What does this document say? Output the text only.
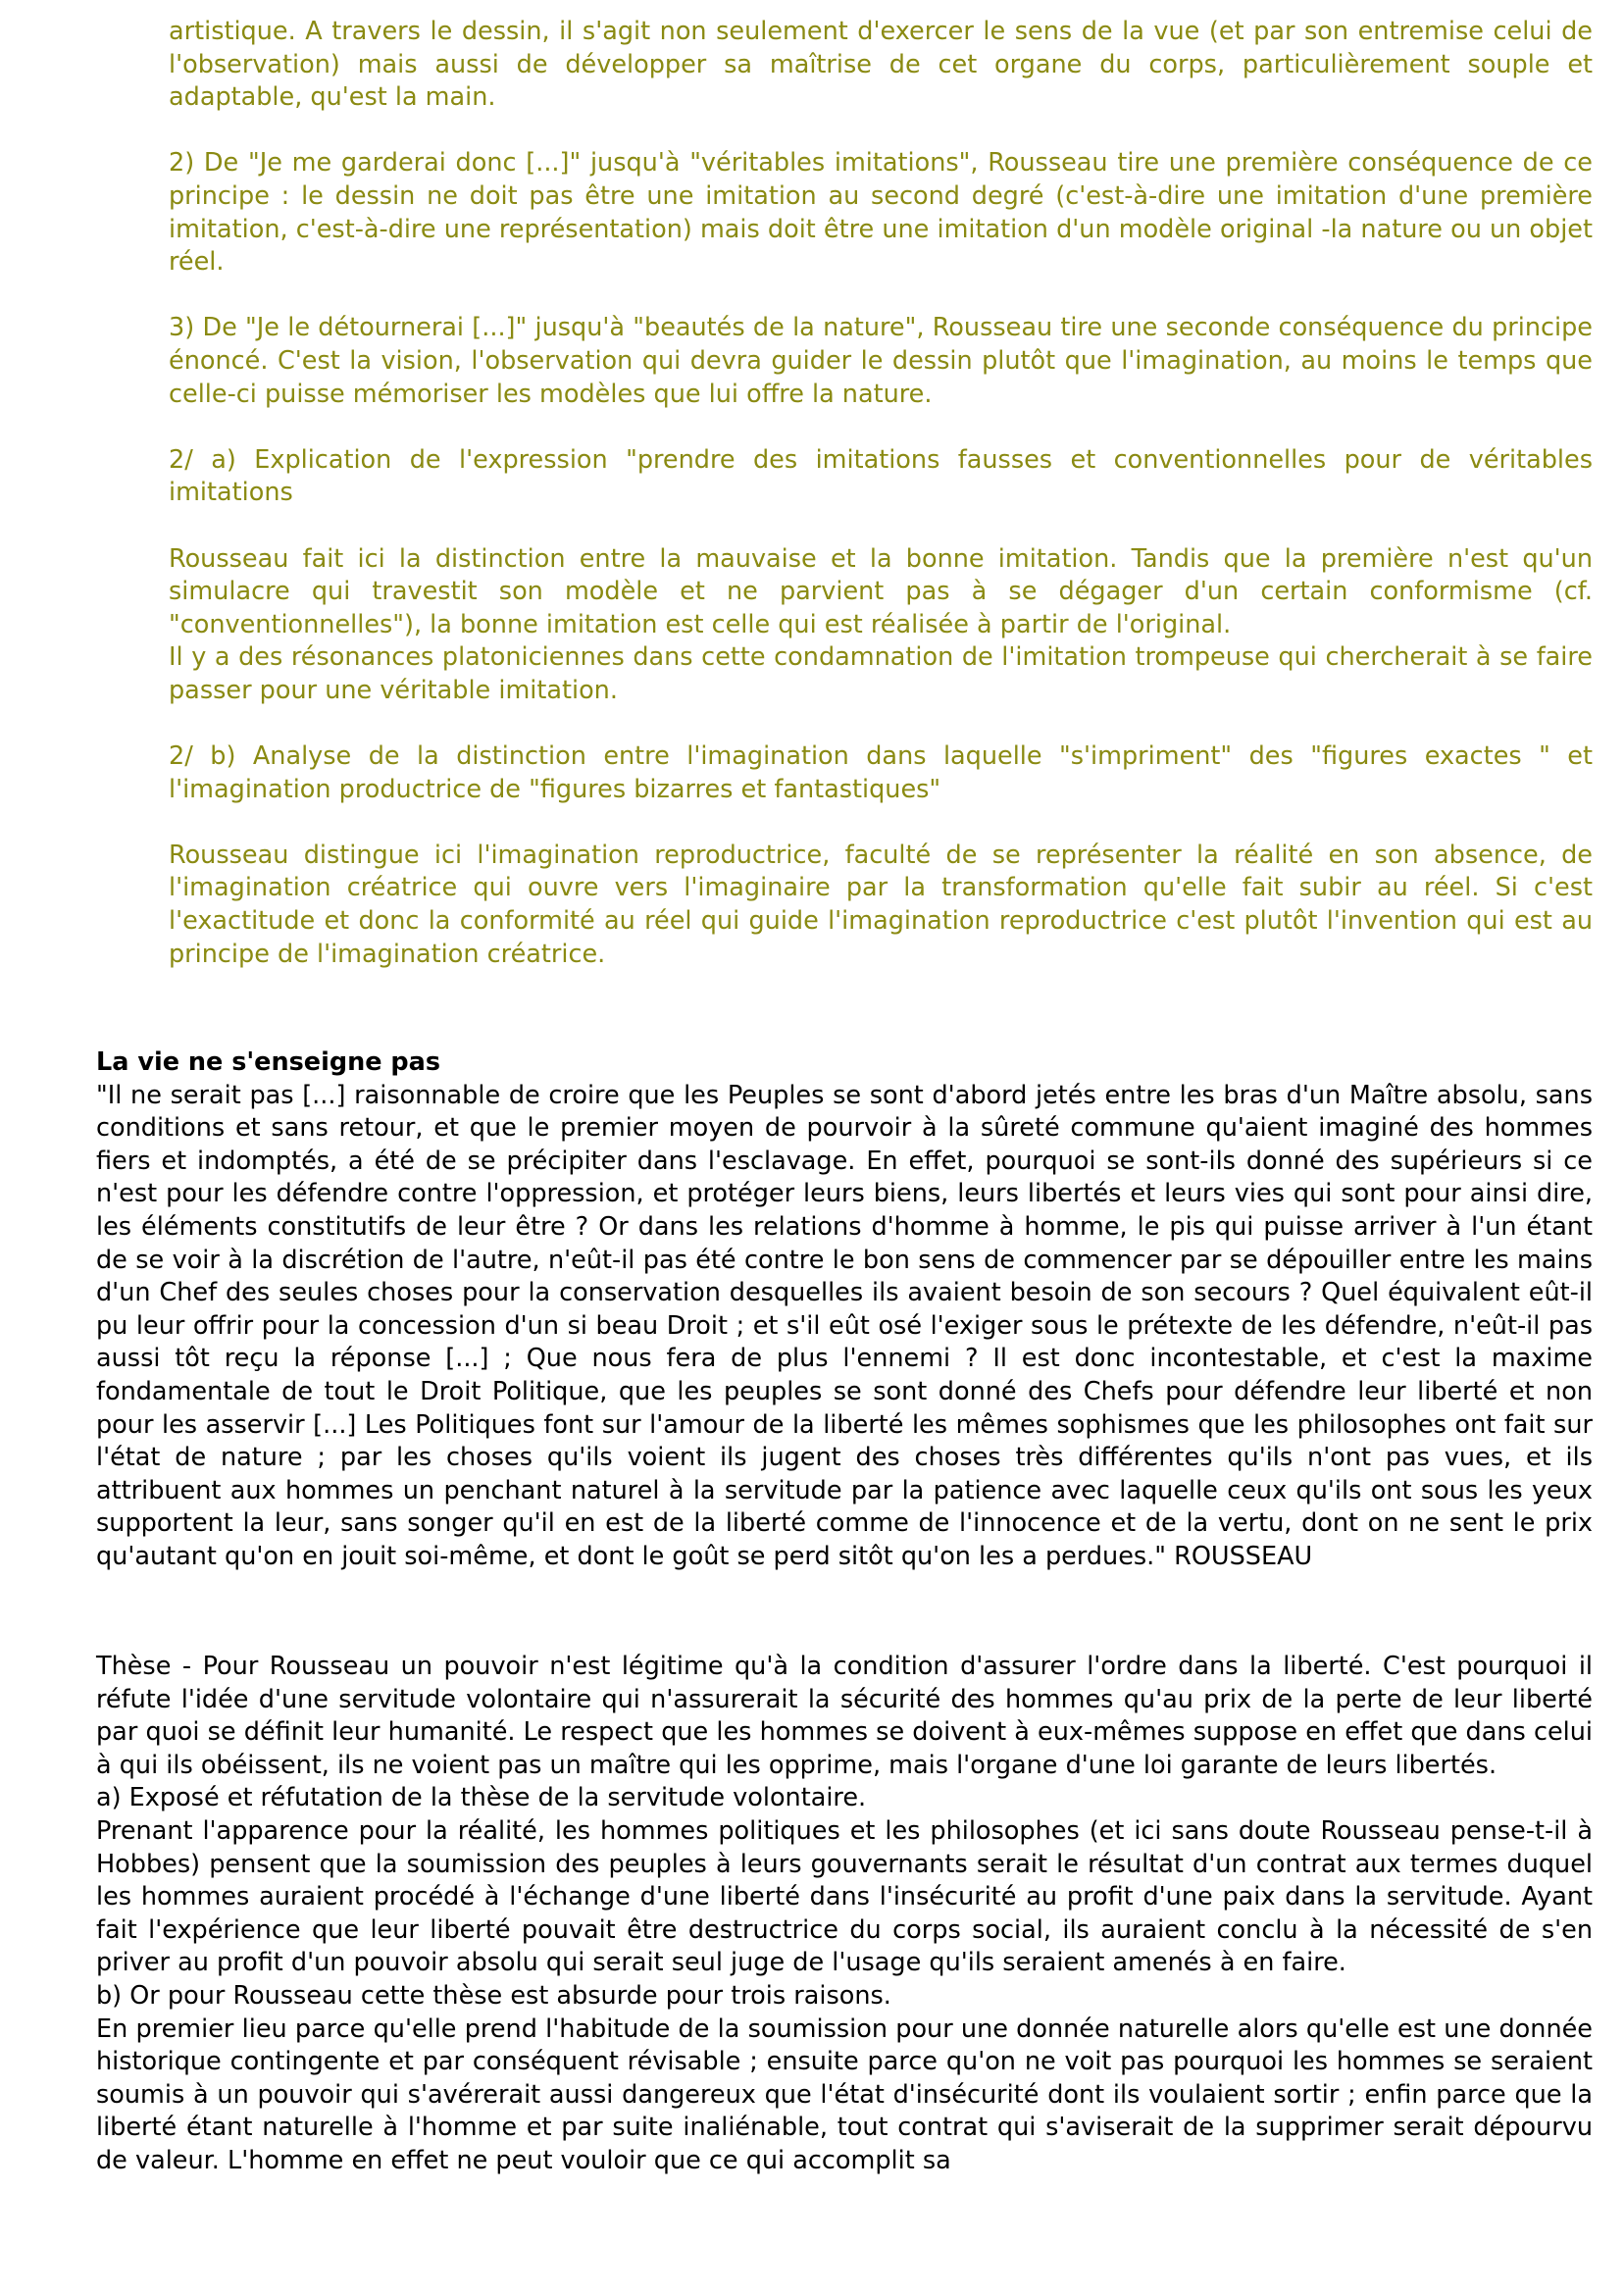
artistique. A travers le dessin, il s'agit non seulement d'exercer le sens de la vue (et par son entremise celui de l'observation) mais aussi de développer sa maîtrise de cet organe du corps, particulièrement souple et adaptable, qu'est la main.

2) De "Je me garderai donc [...]" jusqu'à "véritables imitations", Rousseau tire une première conséquence de ce principe : le dessin ne doit pas être une imitation au second degré (c'est-à-dire une imitation d'une première imitation, c'est-à-dire une représentation) mais doit être une imitation d'un modèle original -la nature ou un objet réel.

3) De "Je le détournerai [...]" jusqu'à "beautés de la nature", Rousseau tire une seconde conséquence du principe énoncé. C'est la vision, l'observation qui devra guider le dessin plutôt que l'imagination, au moins le temps que celle-ci puisse mémoriser les modèles que lui offre la nature.

2/ a) Explication de l'expression "prendre des imitations fausses et conventionnelles pour de véritables imitations

Rousseau fait ici la distinction entre la mauvaise et la bonne imitation. Tandis que la première n'est qu'un simulacre qui travestit son modèle et ne parvient pas à se dégager d'un certain conformisme (cf. "conventionnelles"), la bonne imitation est celle qui est réalisée à partir de l'original.

Il y a des résonances platoniciennes dans cette condamnation de l'imitation trompeuse qui chercherait à se faire passer pour une véritable imitation.

2/ b) Analyse de la distinction entre l'imagination dans laquelle "s'impriment" des "figures exactes " et l'imagination productrice de "figures bizarres et fantastiques"

Rousseau distingue ici l'imagination reproductrice, faculté de se représenter la réalité en son absence, de l'imagination créatrice qui ouvre vers l'imaginaire par la transformation qu'elle fait subir au réel. Si c'est l'exactitude et donc la conformité au réel qui guide l'imagination reproductrice c'est plutôt l'invention qui est au principe de l'imagination créatrice.

La vie ne s'enseigne pas

"Il ne serait pas [...] raisonnable de croire que les Peuples se sont d'abord jetés entre les bras d'un Maître absolu, sans conditions et sans retour, et que le premier moyen de pourvoir à la sûreté commune qu'aient imaginé des hommes fiers et indomptés, a été de se précipiter dans l'esclavage. En effet, pourquoi se sont-ils donné des supérieurs si ce n'est pour les défendre contre l'oppression, et protéger leurs biens, leurs libertés et leurs vies qui sont pour ainsi dire, les éléments constitutifs de leur être ? Or dans les relations d'homme à homme, le pis qui puisse arriver à l'un étant de se voir à la discrétion de l'autre, n'eût-il pas été contre le bon sens de commencer par se dépouiller entre les mains d'un Chef des seules choses pour la conservation desquelles ils avaient besoin de son secours ? Quel équivalent eût-il pu leur offrir pour la concession d'un si beau Droit ; et s'il eût osé l'exiger sous le prétexte de les défendre, n'eût-il pas aussi tôt reçu la réponse [...] ; Que nous fera de plus l'ennemi ? Il est donc incontestable, et c'est la maxime fondamentale de tout le Droit Politique, que les peuples se sont donné des Chefs pour défendre leur liberté et non pour les asservir [...] Les Politiques font sur l'amour de la liberté les mêmes sophismes que les philosophes ont fait sur l'état de nature ; par les choses qu'ils voient ils jugent des choses très différentes qu'ils n'ont pas vues, et ils attribuent aux hommes un penchant naturel à la servitude par la patience avec laquelle ceux qu'ils ont sous les yeux supportent la leur, sans songer qu'il en est de la liberté comme de l'innocence et de la vertu, dont on ne sent le prix qu'autant qu'on en jouit soi-même, et dont le goût se perd sitôt qu'on les a perdues." ROUSSEAU

Thèse - Pour Rousseau un pouvoir n'est légitime qu'à la condition d'assurer l'ordre dans la liberté. C'est pourquoi il réfute l'idée d'une servitude volontaire qui n'assurerait la sécurité des hommes qu'au prix de la perte de leur liberté par quoi se définit leur humanité. Le respect que les hommes se doivent à eux-mêmes suppose en effet que dans celui à qui ils obéissent, ils ne voient pas un maître qui les opprime, mais l'organe d'une loi garante de leurs libertés.

a) Exposé et réfutation de la thèse de la servitude volontaire.

Prenant l'apparence pour la réalité, les hommes politiques et les philosophes (et ici sans doute Rousseau pense-t-il à Hobbes) pensent que la soumission des peuples à leurs gouvernants serait le résultat d'un contrat aux termes duquel les hommes auraient procédé à l'échange d'une liberté dans l'insécurité au profit d'une paix dans la servitude. Ayant fait l'expérience que leur liberté pouvait être destructrice du corps social, ils auraient conclu à la nécessité de s'en priver au profit d'un pouvoir absolu qui serait seul juge de l'usage qu'ils seraient amenés à en faire.

b) Or pour Rousseau cette thèse est absurde pour trois raisons.

En premier lieu parce qu'elle prend l'habitude de la soumission pour une donnée naturelle alors qu'elle est une donnée historique contingente et par conséquent révisable ; ensuite parce qu'on ne voit pas pourquoi les hommes se seraient soumis à un pouvoir qui s'avérerait aussi dangereux que l'état d'insécurité dont ils voulaient sortir ; enfin parce que la liberté étant naturelle à l'homme et par suite inaliénable, tout contrat qui s'aviserait de la supprimer serait dépourvu de valeur. L'homme en effet ne peut vouloir que ce qui accomplit sa
